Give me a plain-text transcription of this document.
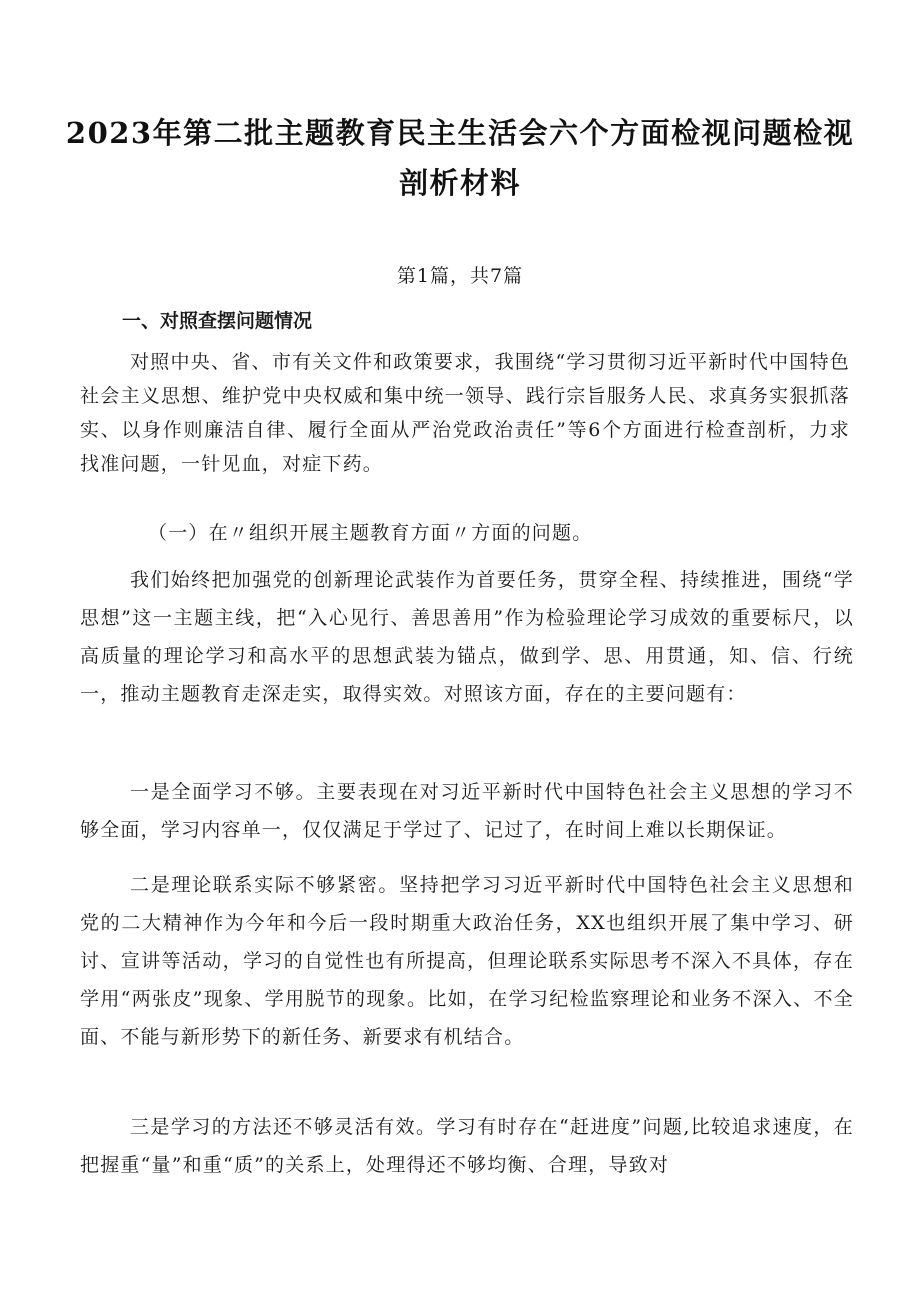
2023年第二批主题教育民主生活会六个方面检视问题检视剖析材料

第1篇，共7篇

一、对照查摆问题情况

对照中央、省、市有关文件和政策要求，我围绕“学习贯彻习近平新时代中国特色社会主义思想、维护党中央权威和集中统一领导、践行宗旨服务人民、求真务实狠抓落实、以身作则廉洁自律、履行全面从严治党政治责任”等6个方面进行检查剖析，力求找准问题，一针见血，对症下药。

（一）在〃组织开展主题教育方面〃方面的问题。

我们始终把加强党的创新理论武装作为首要任务，贯穿全程、持续推进，围绕“学思想”这一主题主线，把“入心见行、善思善用”作为检验理论学习成效的重要标尺，以高质量的理论学习和高水平的思想武装为锚点，做到学、思、用贯通，知、信、行统一，推动主题教育走深走实，取得实效。对照该方面，存在的主要问题有：

一是全面学习不够。主要表现在对习近平新时代中国特色社会主义思想的学习不够全面，学习内容单一，仅仅满足于学过了、记过了，在时间上难以长期保证。

二是理论联系实际不够紧密。坚持把学习习近平新时代中国特色社会主义思想和党的二大精神作为今年和今后一段时期重大政治任务，XX也组织开展了集中学习、研讨、宣讲等活动，学习的自觉性也有所提高，但理论联系实际思考不深入不具体，存在学用“两张皮”现象、学用脱节的现象。比如，在学习纪检监察理论和业务不深入、不全面、不能与新形势下的新任务、新要求有机结合。

三是学习的方法还不够灵活有效。学习有时存在“赶进度”问题,比较追求速度，在把握重“量”和重“质”的关系上，处理得还不够均衡、合理，导致对
